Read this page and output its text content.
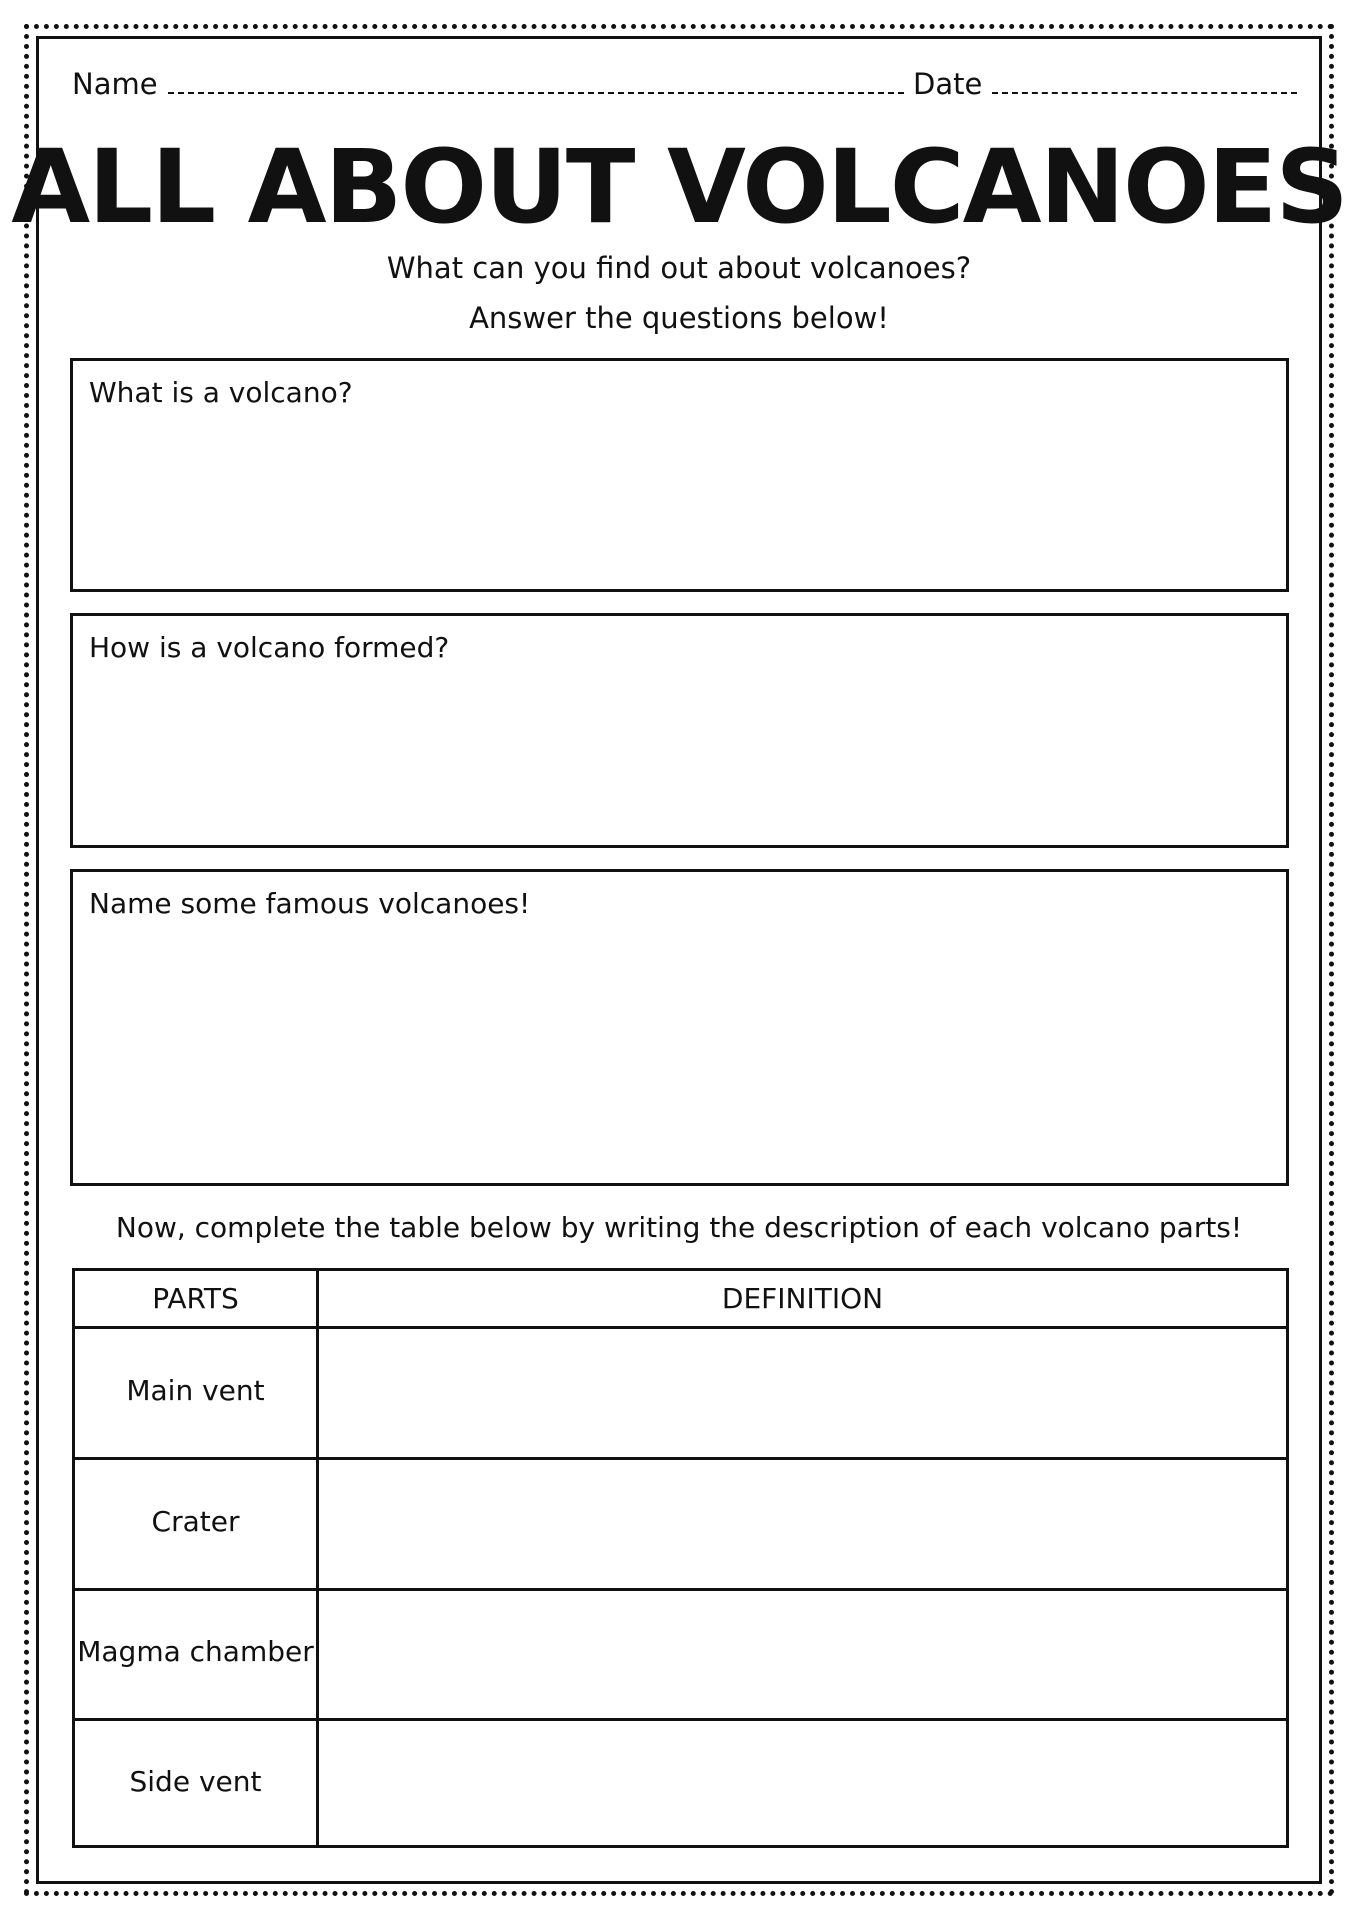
Name	Date
ALL ABOUT VOLCANOES
What can you find out about volcanoes?
Answer the questions below!
What is a volcano?
How is a volcano formed?
Name some famous volcanoes!
Now, complete the table below by writing the description of each volcano parts!
PARTS	DEFINITION
Main vent
Crater
Magma chamber
Side vent
